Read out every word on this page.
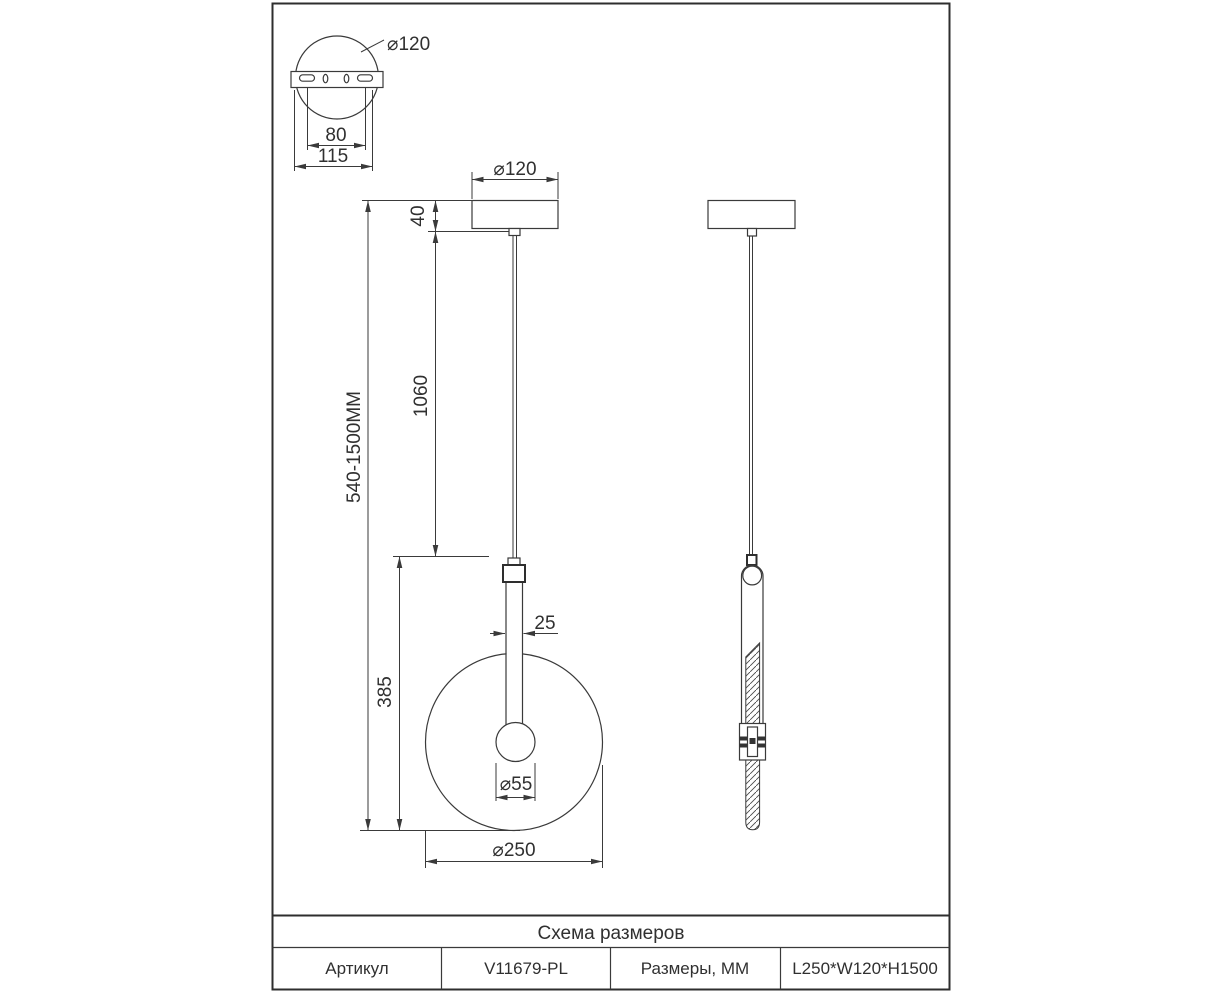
⌀120
80
115
⌀120
40
1060
540-1500MM
385
25
⌀55
⌀250
Схема размеров
Артикул	V11679-PL	Размеры, ММ	L250*W120*H1500
